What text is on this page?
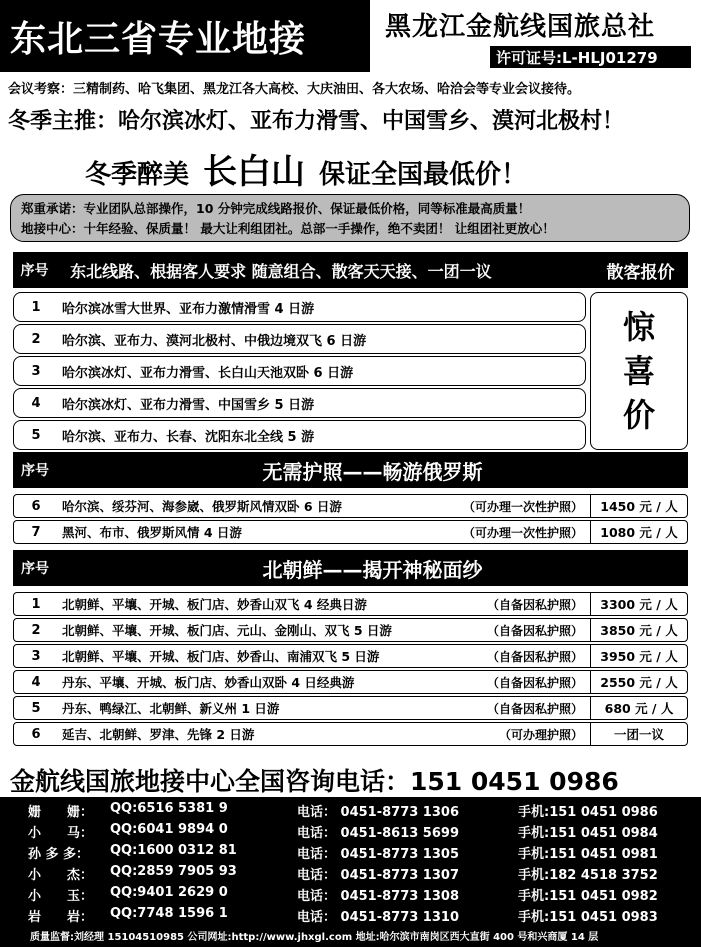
东北三省专业地接	黑龙江金航线国旅总社
许可证号:L-HLJ01279
会议考察：三精制药、哈飞集团、黑龙江各大高校、大庆油田、各大农场、哈洽会等专业会议接待。
冬季主推：哈尔滨冰灯、亚布力滑雪、中国雪乡、漠河北极村！
冬季醉美 长白山 保证全国最低价！
郑重承诺：专业团队总部操作，10 分钟完成线路报价、保证最低价格，同等标准最高质量！
地接中心：十年经验、保质量！ 最大让利组团社。总部一手操作，绝不卖团！ 让组团社更放心！
序号	东北线路、根据客人要求 随意组合、散客天天接、一团一议	散客报价
1	哈尔滨冰雪大世界、亚布力激情滑雪 4 日游
2	哈尔滨、亚布力、漠河北极村、中俄边境双飞 6 日游
3	哈尔滨冰灯、亚布力滑雪、长白山天池双卧 6 日游
4	哈尔滨冰灯、亚布力滑雪、中国雪乡 5 日游
5	哈尔滨、亚布力、长春、沈阳东北全线 5 游
惊
喜
价
序号	无需护照——畅游俄罗斯
6	哈尔滨、绥芬河、海参崴、俄罗斯风情双卧 6 日游	（可办理一次性护照）	1450 元 / 人
7	黑河、布市、俄罗斯风情 4 日游	（可办理一次性护照）	1080 元 / 人
序号	北朝鲜——揭开神秘面纱
1	北朝鲜、平壤、开城、板门店、妙香山双飞 4 经典日游	（自备因私护照）	3300 元 / 人
2	北朝鲜、平壤、开城、板门店、元山、金刚山、双飞 5 日游	（自备因私护照）	3850 元 / 人
3	北朝鲜、平壤、开城、板门店、妙香山、南浦双飞 5 日游	（自备因私护照）	3950 元 / 人
4	丹东、平壤、开城、板门店、妙香山双卧 4 日经典游	（自备因私护照）	2550 元 / 人
5	丹东、鸭绿江、北朝鲜、新义州 1 日游	（自备因私护照）	680 元 / 人
6	延吉、北朝鲜、罗津、先锋 2 日游	（可办理护照）	一团一议
金航线国旅地接中心全国咨询电话：151 0451 0986
姗　　姗： QQ:6516 5381 9	电话： 0451-8773 1306	手机:151 0451 0986
小　　马： QQ:6041 9894 0	电话： 0451-8613 5699	手机:151 0451 0984
孙 多 多： QQ:1600 0312 81	电话： 0451-8773 1305	手机:151 0451 0981
小　　杰： QQ:2859 7905 93	电话： 0451-8773 1307	手机:182 4518 3752
小　　玉： QQ:9401 2629 0	电话： 0451-8773 1308	手机:151 0451 0982
岩　　岩： QQ:7748 1596 1	电话： 0451-8773 1310	手机:151 0451 0983
质量监督:刘经理 15104510985 公司网址:http://www.jhxgl.com 地址:哈尔滨市南岗区西大直街 400 号和兴商厦 14 层
